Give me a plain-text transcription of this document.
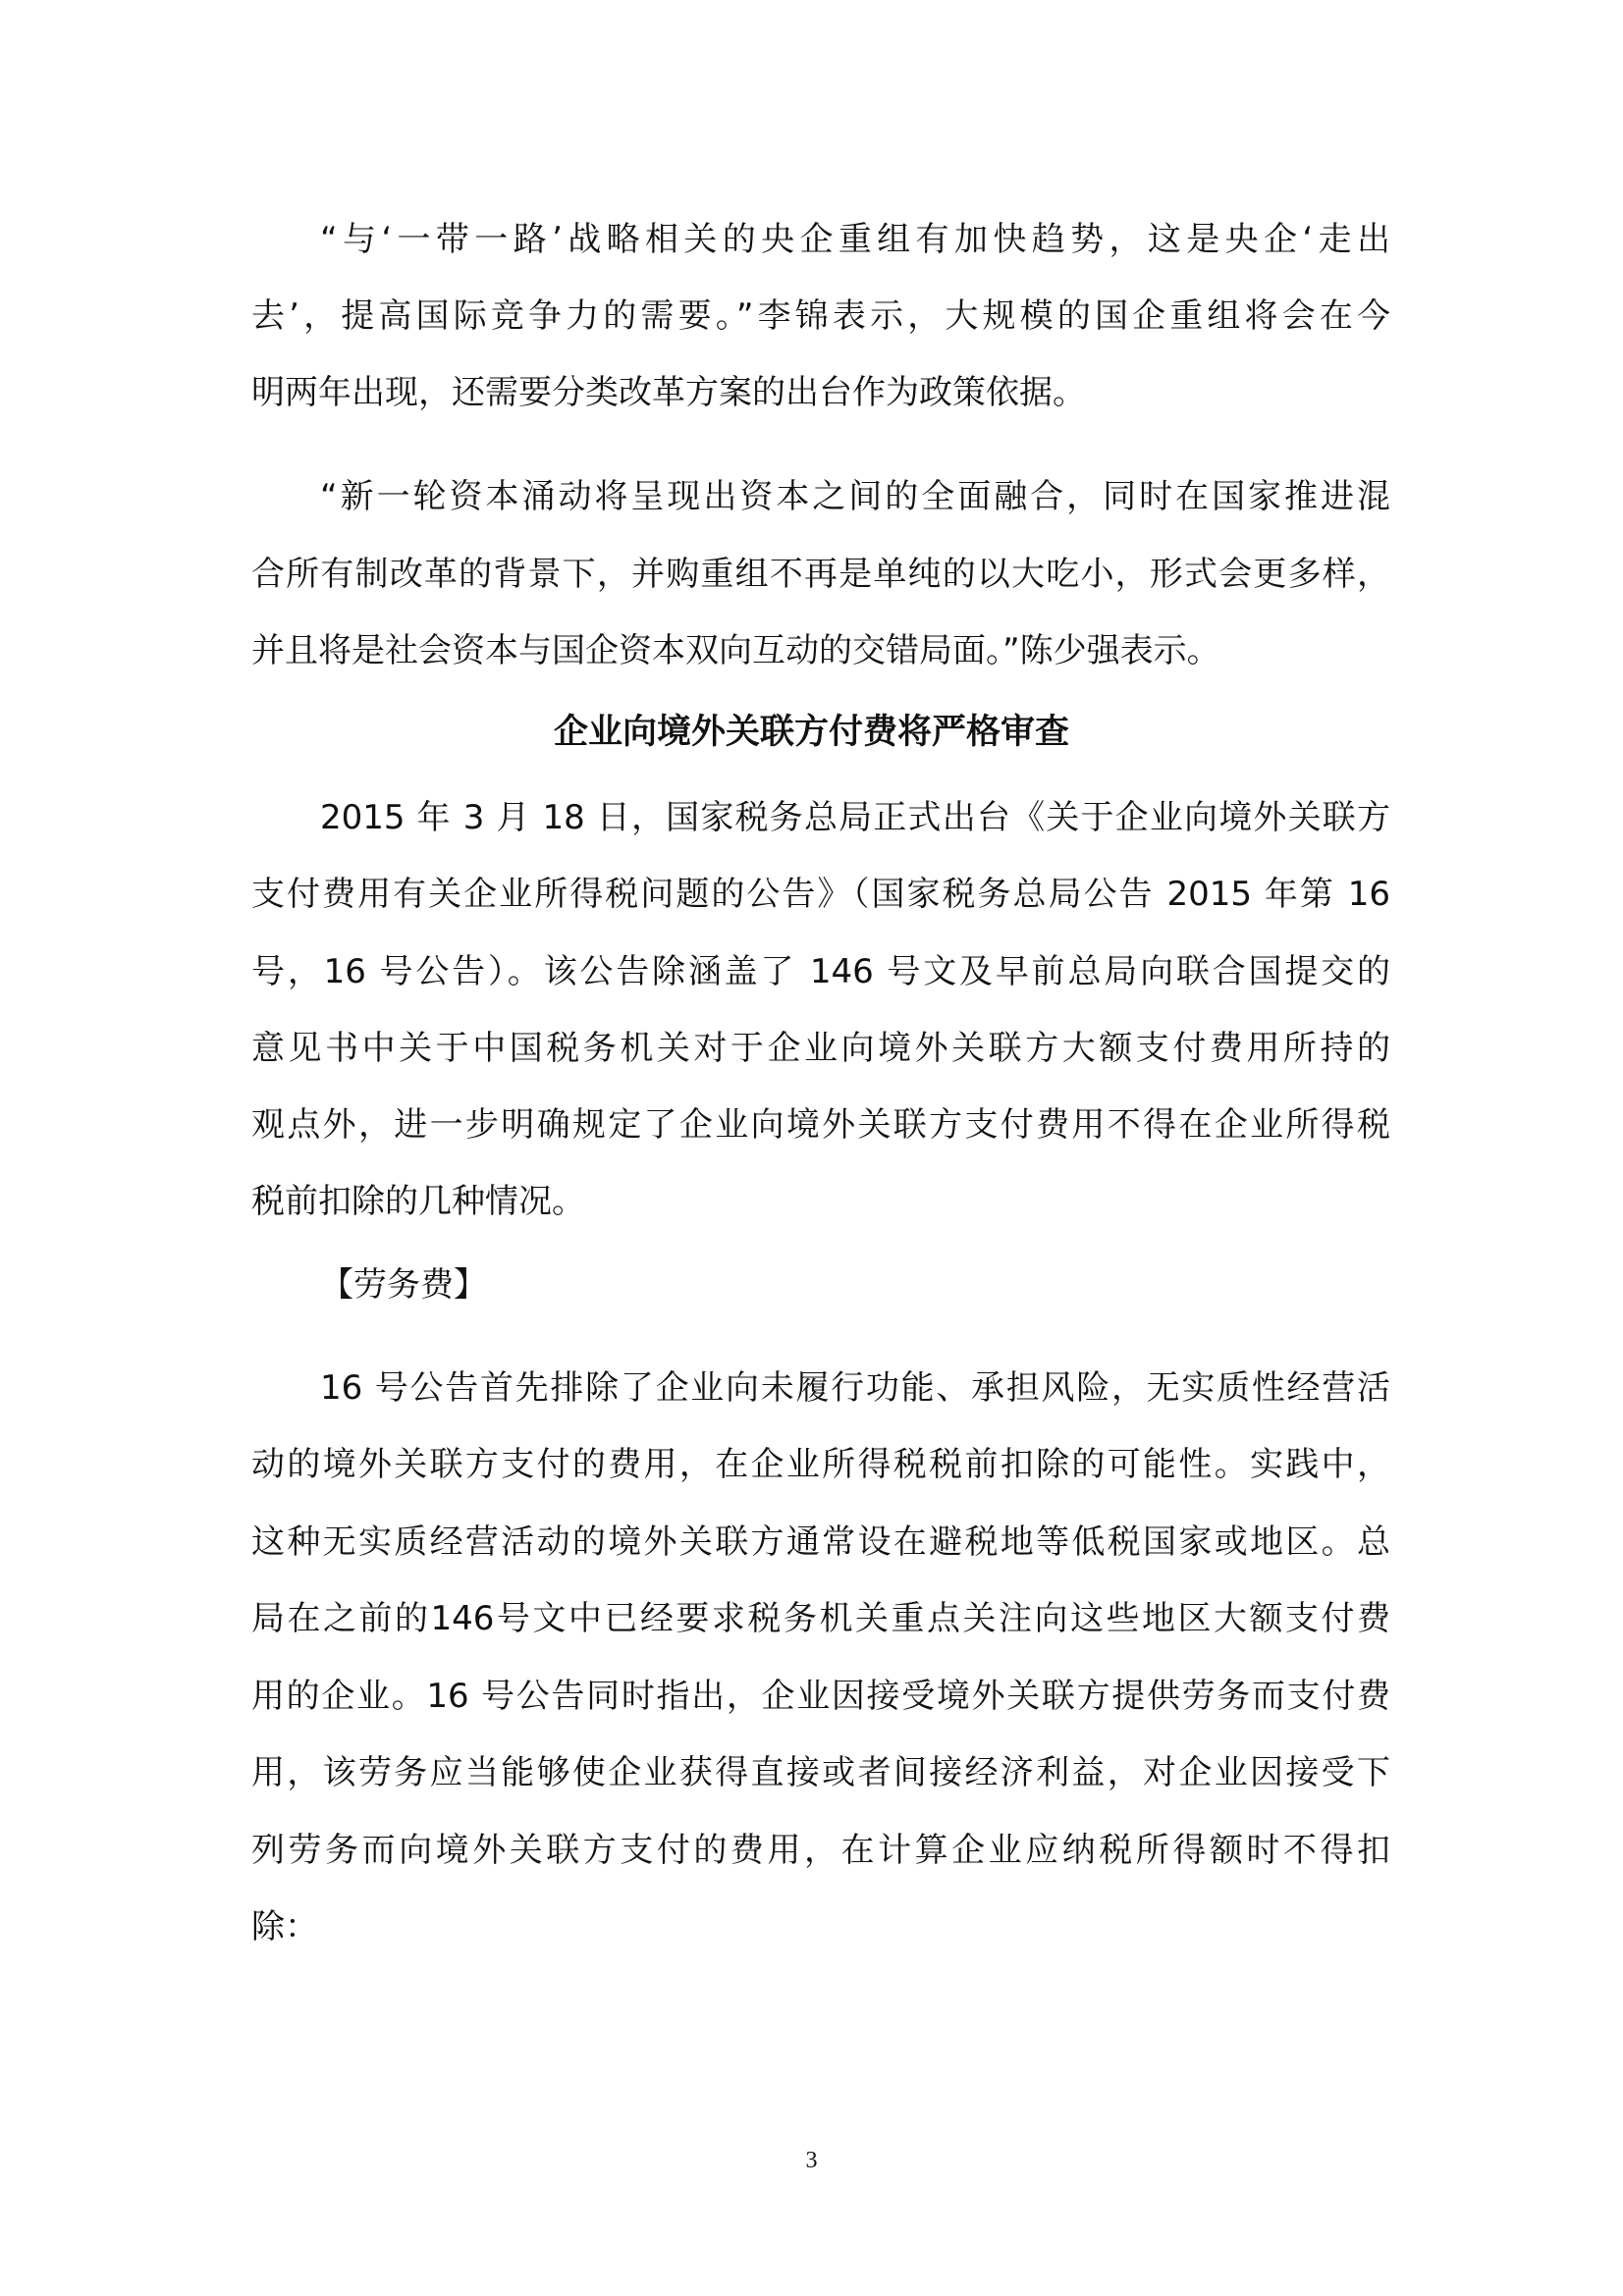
“与‘一带一路’战略相关的央企重组有加快趋势，这是央企‘走出
去’，提高国际竞争力的需要。”李锦表示，大规模的国企重组将会在今
明两年出现，还需要分类改革方案的出台作为政策依据。
“新一轮资本涌动将呈现出资本之间的全面融合，同时在国家推进混
合所有制改革的背景下，并购重组不再是单纯的以大吃小，形式会更多样，
并且将是社会资本与国企资本双向互动的交错局面。”陈少强表示。
企业向境外关联方付费将严格审查
2015 年 3 月 18 日，国家税务总局正式出台《关于企业向境外关联方
支付费用有关企业所得税问题的公告》（国家税务总局公告 2015 年第 16
号，16 号公告）。该公告除涵盖了 146 号文及早前总局向联合国提交的
意见书中关于中国税务机关对于企业向境外关联方大额支付费用所持的
观点外，进一步明确规定了企业向境外关联方支付费用不得在企业所得税
税前扣除的几种情况。
【劳务费】
16 号公告首先排除了企业向未履行功能、承担风险，无实质性经营活
动的境外关联方支付的费用，在企业所得税税前扣除的可能性。实践中，
这种无实质经营活动的境外关联方通常设在避税地等低税国家或地区。总
局在之前的146号文中已经要求税务机关重点关注向这些地区大额支付费
用的企业。16 号公告同时指出，企业因接受境外关联方提供劳务而支付费
用，该劳务应当能够使企业获得直接或者间接经济利益，对企业因接受下
列劳务而向境外关联方支付的费用，在计算企业应纳税所得额时不得扣
除：
3
